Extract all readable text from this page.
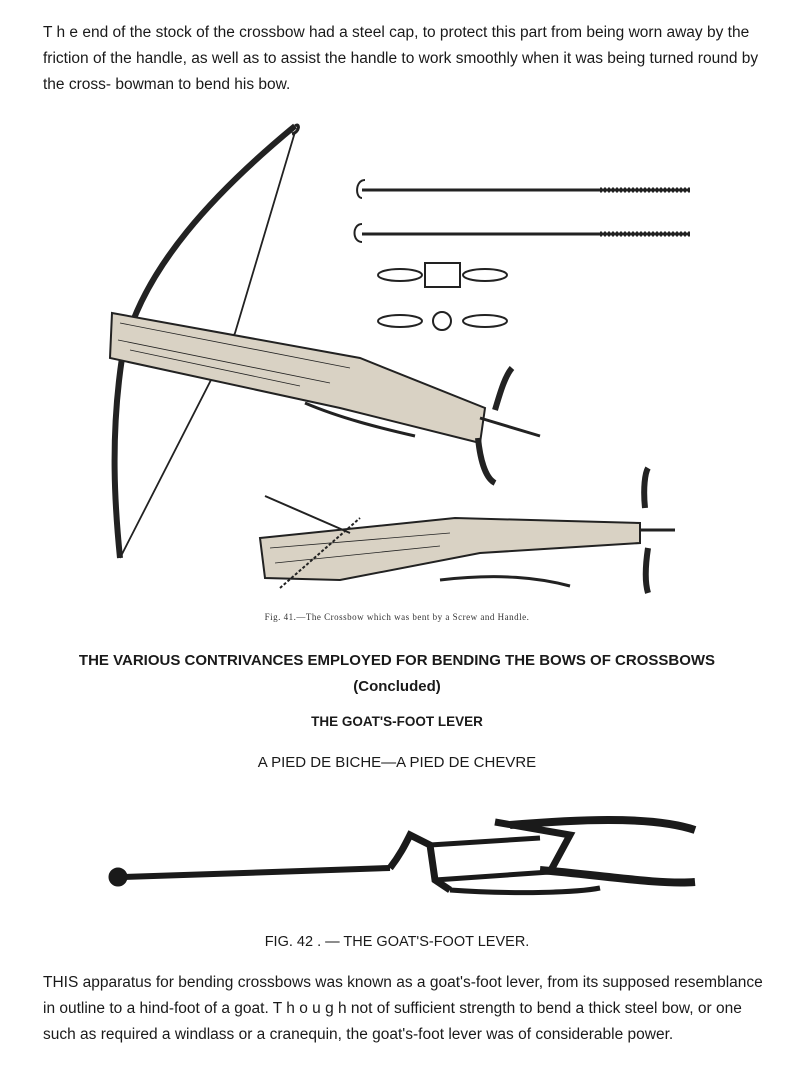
T h e end of the stock of the crossbow had a steel cap, to protect this part from being worn away by the friction of the handle, as well as to assist the handle to work smoothly when it was being turned round by the cross- bowman to bend his bow.

Fig. 41.—The Crossbow which was bent by a Screw and Handle.

THE VARIOUS CONTRIVANCES EMPLOYED FOR BENDING THE BOWS OF CROSSBOWS
(Concluded)

THE GOAT'S-FOOT LEVER

A PIED DE BICHE—A PIED DE CHEVRE

FIG. 42 . — THE GOAT'S-FOOT LEVER.

THIS apparatus for bending crossbows was known as a goat's-foot lever, from its supposed resemblance in outline to a hind-foot of a goat. T h o u g h not of sufficient strength to bend a thick steel bow, or one such as required a windlass or a cranequin, the goat's-foot lever was of considerable power.
